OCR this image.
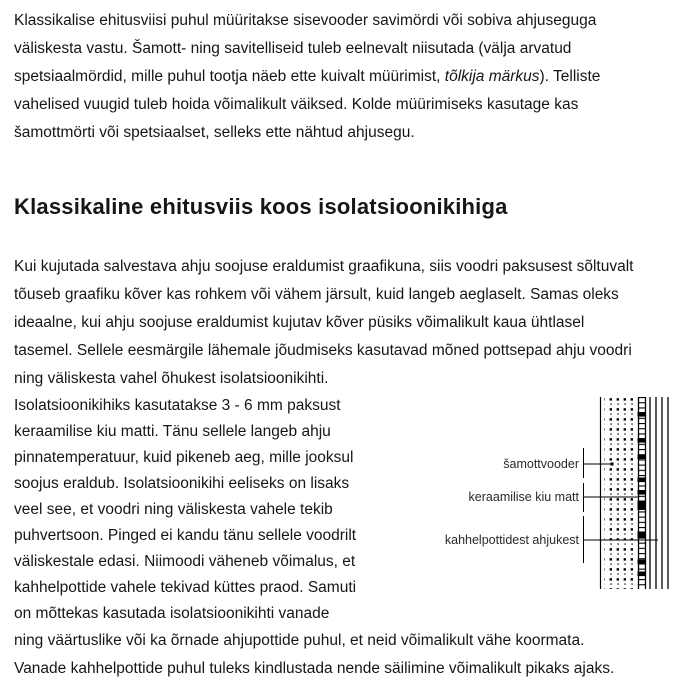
Klassikalise ehitusviisi puhul müüritakse sisevooder savimördi või sobiva ahjuseguga
väliskesta vastu. Šamott- ning savitelliseid tuleb eelnevalt niisutada (välja arvatud
spetsiaalmördid, mille puhul tootja näeb ette kuivalt müürimist, tõlkija märkus). Telliste
vahelised vuugid tuleb hoida võimalikult väiksed. Kolde müürimiseks kasutage kas
šamottmörti või spetsiaalset, selleks ette nähtud ahjusegu.

Klassikaline ehitusviis koos isolatsioonikihiga
Kui kujutada salvestava ahju soojuse eraldumist graafikuna, siis voodri paksusest sõltuvalt
tõuseb graafiku kõver kas rohkem või vähem järsult, kuid langeb aeglaselt. Samas oleks
ideaalne, kui ahju soojuse eraldumist kujutav kõver püsiks võimalikult kaua ühtlasel
tasemel. Sellele eesmärgile lähemale jõudmiseks kasutavad mõned pottsepad ahju voodri
ning väliskesta vahel õhukest isolatsioonikihti.
šamottvooder
keraamilise kiu matt
kahhelpottidest ahjukest
Isolatsioonikihiks kasutatakse 3 - 6 mm paksust
keraamilise kiu matti. Tänu sellele langeb ahju
pinnatemperatuur, kuid pikeneb aeg, mille jooksul
soojus eraldub. Isolatsioonikihi eeliseks on lisaks
veel see, et voodri ning väliskesta vahele tekib
puhvertsoon. Pinged ei kandu tänu sellele voodrilt
väliskestale edasi. Niimoodi väheneb võimalus, et
kahhelpottide vahele tekivad küttes praod. Samuti
on mõttekas kasutada isolatsioonikihti vanade
ning väärtuslike või ka õrnade ahjupottide puhul, et neid võimalikult vähe koormata.
Vanade kahhelpottide puhul tuleks kindlustada nende säilimine võimalikult pikaks ajaks.
